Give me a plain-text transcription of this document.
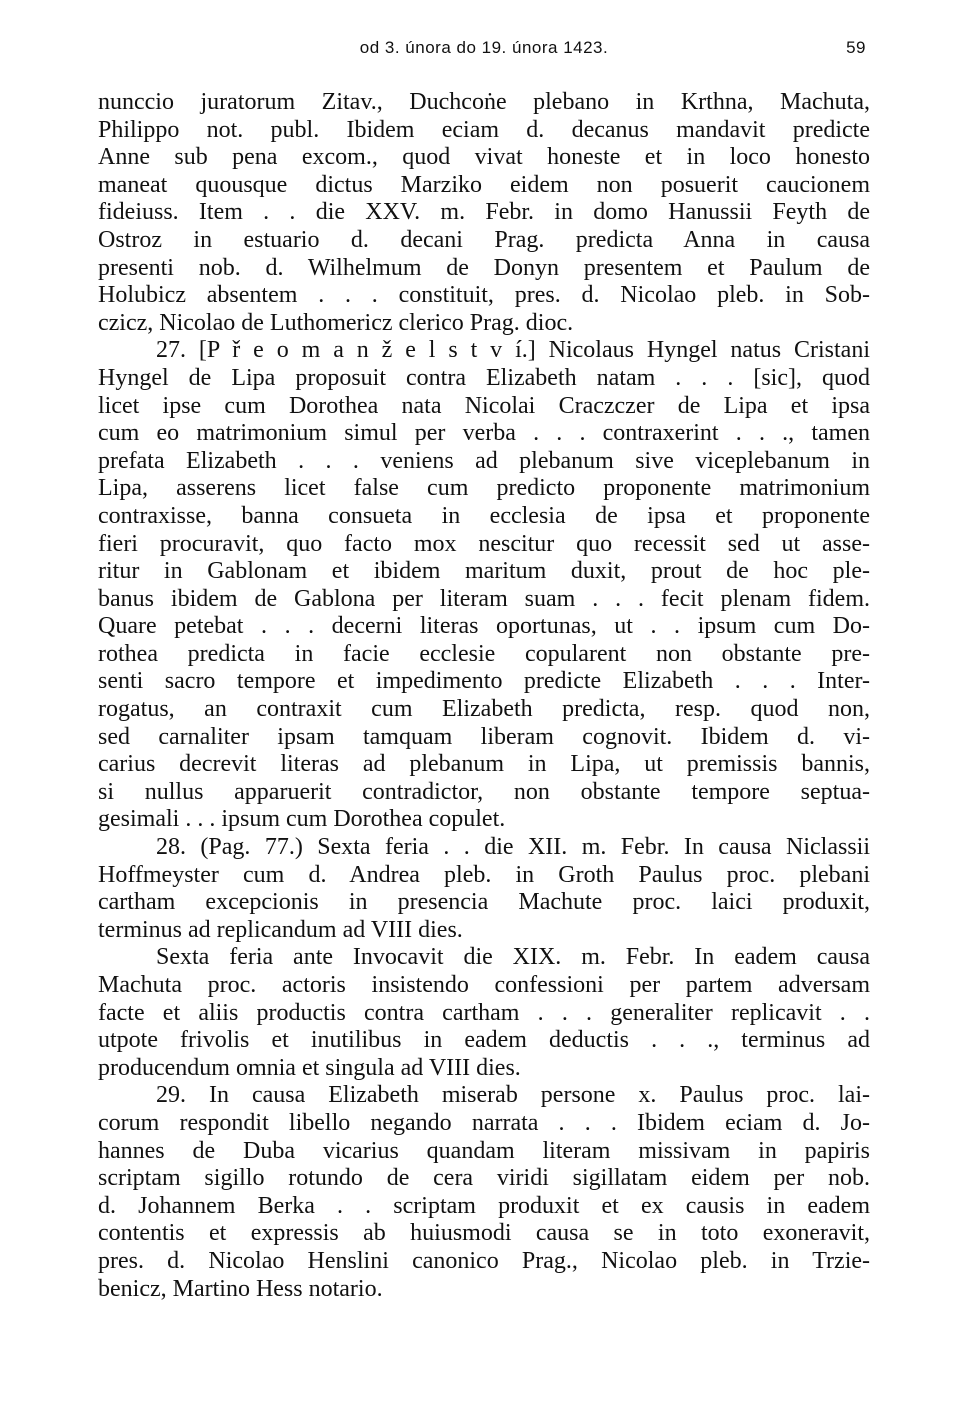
od 3. února do 19. února 1423.	59
nunccio juratorum Zitav., Duchcoṅe plebano in Krthna, Machuta,
Philippo not. publ. Ibidem eciam d. decanus mandavit predicte
Anne sub pena excom., quod vivat honeste et in loco honesto
maneat quousque dictus Marziko eidem non posuerit caucionem
fideiuss. Item . . die XXV. m. Febr. in domo Hanussii Feyth de
Ostroz in estuario d. decani Prag. predicta Anna in causa
presenti nob. d. Wilhelmum de Donyn presentem et Paulum de
Holubicz absentem . . . constituit, pres. d. Nicolao pleb. in Sob-
czicz, Nicolao de Luthomericz clerico Prag. dioc.
27. [P ř e o m a n ž e l s t v í.] Nicolaus Hyngel natus Cristani
Hyngel de Lipa proposuit contra Elizabeth natam . . . [sic], quod
licet ipse cum Dorothea nata Nicolai Craczczer de Lipa et ipsa
cum eo matrimonium simul per verba . . . contraxerint . . ., tamen
prefata Elizabeth . . . veniens ad plebanum sive viceplebanum in
Lipa, asserens licet false cum predicto proponente matrimonium
contraxisse, banna consueta in ecclesia de ipsa et proponente
fieri procuravit, quo facto mox nescitur quo recessit sed ut asse-
ritur in Gablonam et ibidem maritum duxit, prout de hoc ple-
banus ibidem de Gablona per literam suam . . . fecit plenam fidem.
Quare petebat . . . decerni literas oportunas, ut . . ipsum cum Do-
rothea predicta in facie ecclesie copularent non obstante pre-
senti sacro tempore et impedimento predicte Elizabeth . . . Inter-
rogatus, an contraxit cum Elizabeth predicta, resp. quod non,
sed carnaliter ipsam tamquam liberam cognovit. Ibidem d. vi-
carius decrevit literas ad plebanum in Lipa, ut premissis bannis,
si nullus apparuerit contradictor, non obstante tempore septua-
gesimali . . . ipsum cum Dorothea copulet.
28. (Pag. 77.) Sexta feria . . die XII. m. Febr. In causa Niclassii
Hoffmeyster cum d. Andrea pleb. in Groth Paulus proc. plebani
cartham excepcionis in presencia Machute proc. laici produxit,
terminus ad replicandum ad VIII dies.
Sexta feria ante Invocavit die XIX. m. Febr. In eadem causa
Machuta proc. actoris insistendo confessioni per partem adversam
facte et aliis productis contra cartham . . . generaliter replicavit . .
utpote frivolis et inutilibus in eadem deductis . . ., terminus ad
producendum omnia et singula ad VIII dies.
29. In causa Elizabeth miserab persone x. Paulus proc. lai-
corum respondit libello negando narrata . . . Ibidem eciam d. Jo-
hannes de Duba vicarius quandam literam missivam in papiris
scriptam sigillo rotundo de cera viridi sigillatam eidem per nob.
d. Johannem Berka . . scriptam produxit et ex causis in eadem
contentis et expressis ab huiusmodi causa se in toto exoneravit,
pres. d. Nicolao Henslini canonico Prag., Nicolao pleb. in Trzie-
benicz, Martino Hess notario.
